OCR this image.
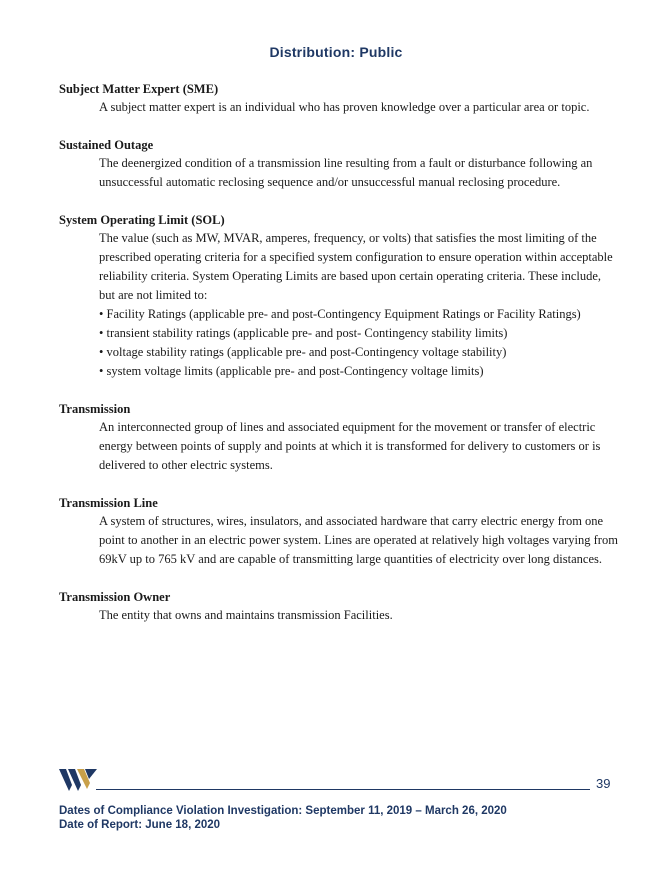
Distribution: Public

Subject Matter Expert (SME)

A subject matter expert is an individual who has proven knowledge over a particular area or topic.

Sustained Outage

The deenergized condition of a transmission line resulting from a fault or disturbance following an unsuccessful automatic reclosing sequence and/or unsuccessful manual reclosing procedure.

System Operating Limit (SOL)

The value (such as MW, MVAR, amperes, frequency, or volts) that satisfies the most limiting of the prescribed operating criteria for a specified system configuration to ensure operation within acceptable reliability criteria. System Operating Limits are based upon certain operating criteria. These include, but are not limited to:

• Facility Ratings (applicable pre- and post-Contingency Equipment Ratings or Facility Ratings)
• transient stability ratings (applicable pre- and post- Contingency stability limits)
• voltage stability ratings (applicable pre- and post-Contingency voltage stability)
• system voltage limits (applicable pre- and post-Contingency voltage limits)

Transmission

An interconnected group of lines and associated equipment for the movement or transfer of electric energy between points of supply and points at which it is transformed for delivery to customers or is delivered to other electric systems.

Transmission Line

A system of structures, wires, insulators, and associated hardware that carry electric energy from one point to another in an electric power system. Lines are operated at relatively high voltages varying from 69kV up to 765 kV and are capable of transmitting large quantities of electricity over long distances.

Transmission Owner

The entity that owns and maintains transmission Facilities.

39
Dates of Compliance Violation Investigation: September 11, 2019 – March 26, 2020
Date of Report: June 18, 2020
